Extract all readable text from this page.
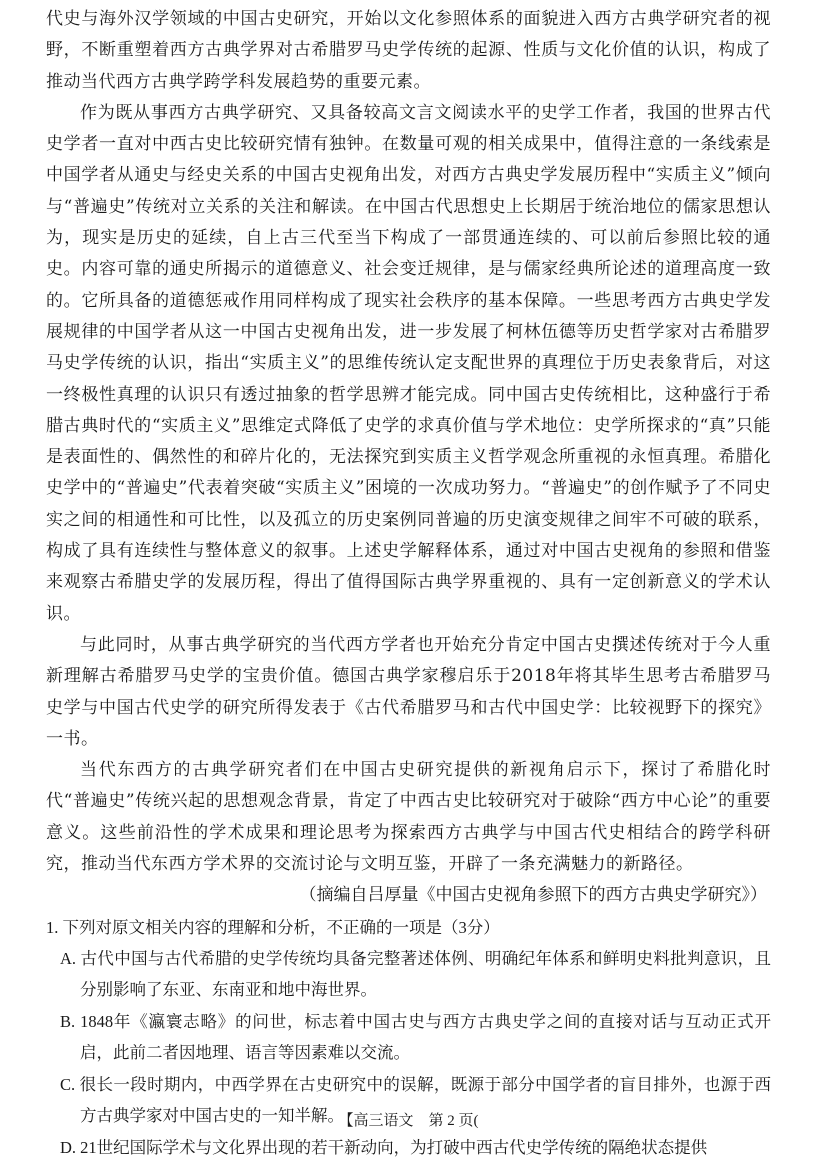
代史与海外汉学领域的中国古史研究，开始以文化参照体系的面貌进入西方古典学研究者的视野，不断重塑着西方古典学界对古希腊罗马史学传统的起源、性质与文化价值的认识，构成了推动当代西方古典学跨学科发展趋势的重要元素。

作为既从事西方古典学研究、又具备较高文言文阅读水平的史学工作者，我国的世界古代史学者一直对中西古史比较研究情有独钟。在数量可观的相关成果中，值得注意的一条线索是中国学者从通史与经史关系的中国古史视角出发，对西方古典史学发展历程中“实质主义”倾向与“普遍史”传统对立关系的关注和解读。在中国古代思想史上长期居于统治地位的儒家思想认为，现实是历史的延续，自上古三代至当下构成了一部贯通连续的、可以前后参照比较的通史。内容可靠的通史所揭示的道德意义、社会变迁规律，是与儒家经典所论述的道理高度一致的。它所具备的道德惩戒作用同样构成了现实社会秩序的基本保障。一些思考西方古典史学发展规律的中国学者从这一中国古史视角出发，进一步发展了柯林伍德等历史哲学家对古希腊罗马史学传统的认识，指出“实质主义”的思维传统认定支配世界的真理位于历史表象背后，对这一终极性真理的认识只有透过抽象的哲学思辨才能完成。同中国古史传统相比，这种盛行于希腊古典时代的“实质主义”思维定式降低了史学的求真价值与学术地位：史学所探求的“真”只能是表面性的、偶然性的和碎片化的，无法探究到实质主义哲学观念所重视的永恒真理。希腊化史学中的“普遍史”代表着突破“实质主义”困境的一次成功努力。“普遍史”的创作赋予了不同史实之间的相通性和可比性，以及孤立的历史案例同普遍的历史演变规律之间牢不可破的联系，构成了具有连续性与整体意义的叙事。上述史学解释体系，通过对中国古史视角的参照和借鉴来观察古希腊史学的发展历程，得出了值得国际古典学界重视的、具有一定创新意义的学术认识。

与此同时，从事古典学研究的当代西方学者也开始充分肯定中国古史撰述传统对于今人重新理解古希腊罗马史学的宝贵价值。德国古典学家穆启乐于2018年将其毕生思考古希腊罗马史学与中国古代史学的研究所得发表于《古代希腊罗马和古代中国史学：比较视野下的探究》一书。

当代东西方的古典学研究者们在中国古史研究提供的新视角启示下，探讨了希腊化时代“普遍史”传统兴起的思想观念背景，肯定了中西古史比较研究对于破除“西方中心论”的重要意义。这些前沿性的学术成果和理论思考为探索西方古典学与中国古代史相结合的跨学科研究，推动当代东西方学术界的交流讨论与文明互鉴，开辟了一条充满魅力的新路径。

（摘编自吕厚量《中国古史视角参照下的西方古典史学研究》）

1. 下列对原文相关内容的理解和分析，不正确的一项是（3分）

A. 古代中国与古代希腊的史学传统均具备完整著述体例、明确纪年体系和鲜明史料批判意识，且分别影响了东亚、东南亚和地中海世界。

B. 1848年《瀛寰志略》的问世，标志着中国古史与西方古典史学之间的直接对话与互动正式开启，此前二者因地理、语言等因素难以交流。

C. 很长一段时期内，中西学界在古史研究中的误解，既源于部分中国学者的盲目排外，也源于西方古典学家对中国古史的一知半解。

D. 21世纪国际学术与文化界出现的若干新动向，为打破中西古代史学传统的隔绝状态提供

【高三语文　第 2 页(
